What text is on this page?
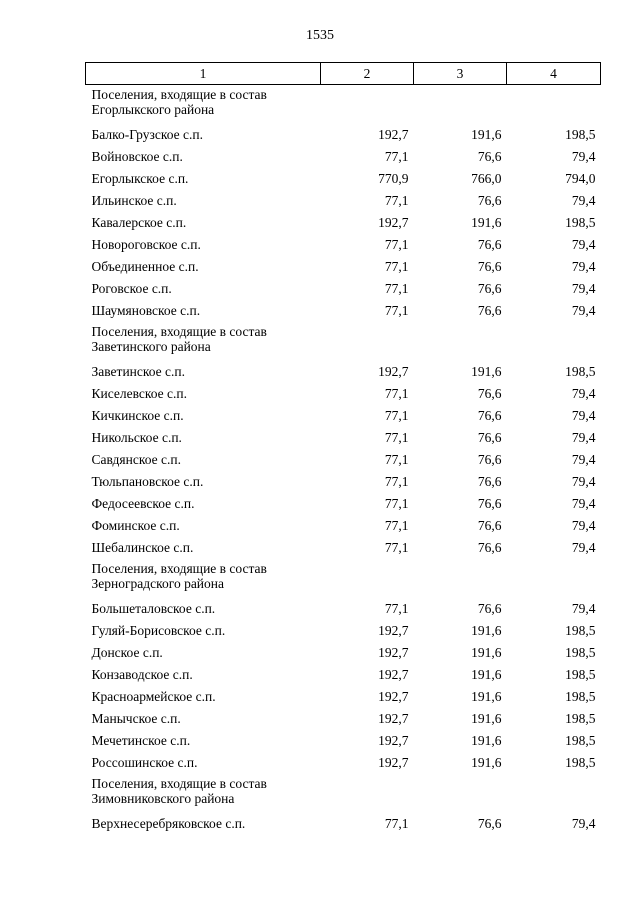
1535
1	2	3	4
Поселения, входящие в состав Егорлыкского района			
Балко-Грузское с.п.	192,7	191,6	198,5
Войновское с.п.	77,1	76,6	79,4
Егорлыкское с.п.	770,9	766,0	794,0
Ильинское с.п.	77,1	76,6	79,4
Кавалерское с.п.	192,7	191,6	198,5
Новороговское с.п.	77,1	76,6	79,4
Объединенное с.п.	77,1	76,6	79,4
Роговское с.п.	77,1	76,6	79,4
Шаумяновское с.п.	77,1	76,6	79,4
Поселения, входящие в состав Заветинского района			
Заветинское с.п.	192,7	191,6	198,5
Киселевское с.п.	77,1	76,6	79,4
Кичкинское с.п.	77,1	76,6	79,4
Никольское с.п.	77,1	76,6	79,4
Савдянское с.п.	77,1	76,6	79,4
Тюльпановское с.п.	77,1	76,6	79,4
Федосеевское с.п.	77,1	76,6	79,4
Фоминское с.п.	77,1	76,6	79,4
Шебалинское с.п.	77,1	76,6	79,4
Поселения, входящие в состав Зерноградского района			
Большеталовское с.п.	77,1	76,6	79,4
Гуляй-Борисовское с.п.	192,7	191,6	198,5
Донское с.п.	192,7	191,6	198,5
Конзаводское с.п.	192,7	191,6	198,5
Красноармейское с.п.	192,7	191,6	198,5
Манычское с.п.	192,7	191,6	198,5
Мечетинское с.п.	192,7	191,6	198,5
Россошинское с.п.	192,7	191,6	198,5
Поселения, входящие в состав Зимовниковского района			
Верхнесеребряковское с.п.	77,1	76,6	79,4
